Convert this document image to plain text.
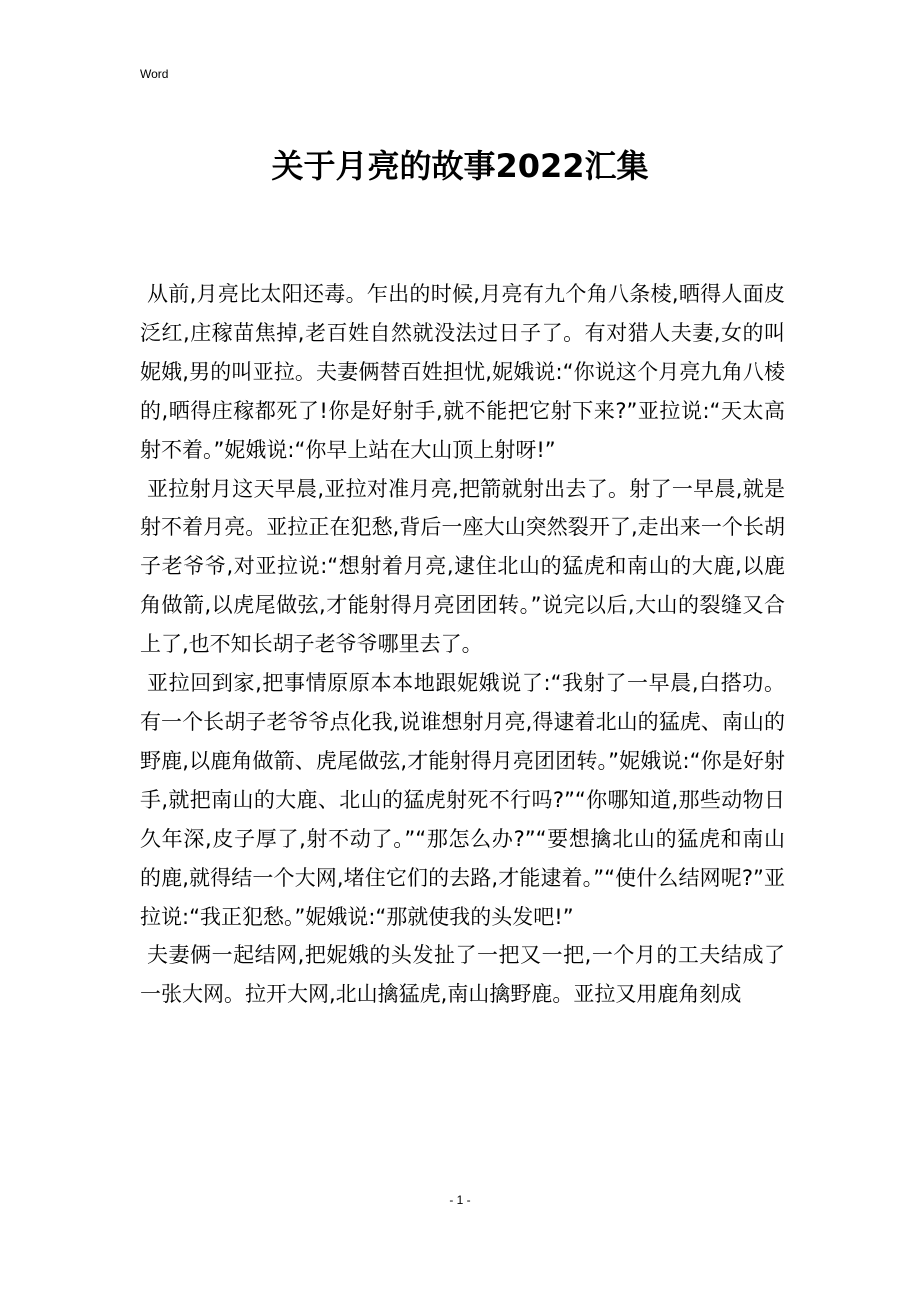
Word
关于月亮的故事2022汇集

从前,月亮比太阳还毒。乍出的时候,月亮有九个角八条棱,晒得人面皮泛红,庄稼苗焦掉,老百姓自然就没法过日子了。有对猎人夫妻,女的叫妮娥,男的叫亚拉。夫妻俩替百姓担忧,妮娥说:“你说这个月亮九角八棱的,晒得庄稼都死了!你是好射手,就不能把它射下来?”亚拉说:“天太高射不着。”妮娥说:“你早上站在大山顶上射呀!”

亚拉射月这天早晨,亚拉对准月亮,把箭就射出去了。射了一早晨,就是射不着月亮。亚拉正在犯愁,背后一座大山突然裂开了,走出来一个长胡子老爷爷,对亚拉说:“想射着月亮,逮住北山的猛虎和南山的大鹿,以鹿角做箭,以虎尾做弦,才能射得月亮团团转。”说完以后,大山的裂缝又合上了,也不知长胡子老爷爷哪里去了。

亚拉回到家,把事情原原本本地跟妮娥说了:“我射了一早晨,白搭功。有一个长胡子老爷爷点化我,说谁想射月亮,得逮着北山的猛虎、南山的野鹿,以鹿角做箭、虎尾做弦,才能射得月亮团团转。”妮娥说:“你是好射手,就把南山的大鹿、北山的猛虎射死不行吗?”“你哪知道,那些动物日久年深,皮子厚了,射不动了。”“那怎么办?”“要想擒北山的猛虎和南山的鹿,就得结一个大网,堵住它们的去路,才能逮着。”“使什么结网呢?”亚拉说:“我正犯愁。”妮娥说:“那就使我的头发吧!”

夫妻俩一起结网,把妮娥的头发扯了一把又一把,一个月的工夫结成了一张大网。拉开大网,北山擒猛虎,南山擒野鹿。亚拉又用鹿角刻成

- 1 -
